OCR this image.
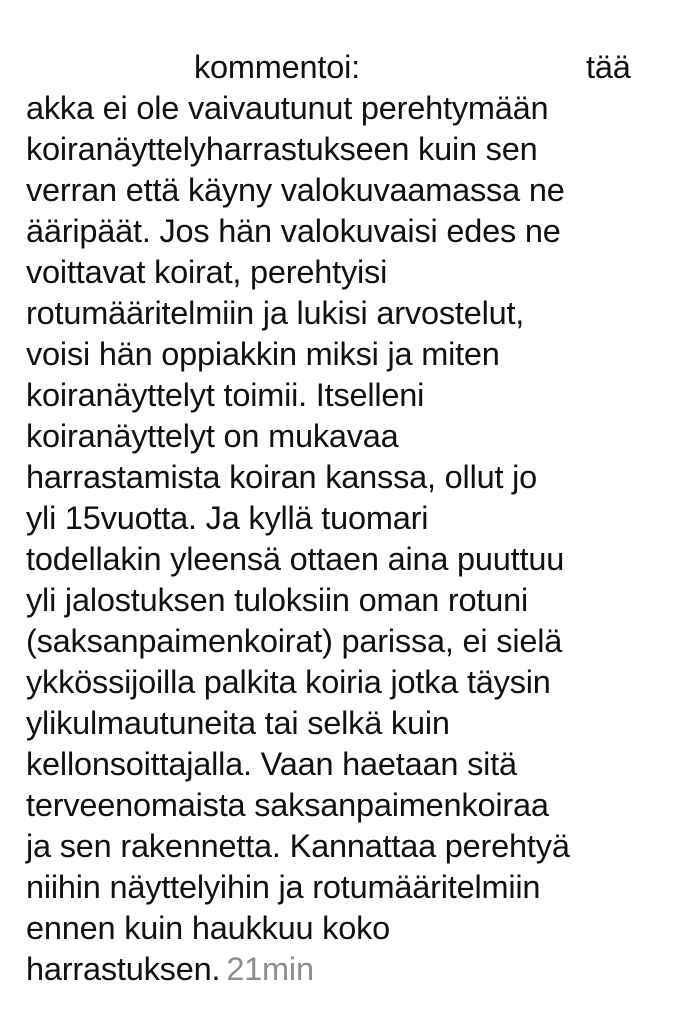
kommentoi:	tää
akka ei ole vaivautunut perehtymään
koiranäyttelyharrastukseen kuin sen
verran että käyny valokuvaamassa ne
ääripäät. Jos hän valokuvaisi edes ne
voittavat koirat, perehtyisi
rotumääritelmiin ja lukisi arvostelut,
voisi hän oppiakkin miksi ja miten
koiranäyttelyt toimii. Itselleni
koiranäyttelyt on mukavaa
harrastamista koiran kanssa, ollut jo
yli 15vuotta. Ja kyllä tuomari
todellakin yleensä ottaen aina puuttuu
yli jalostuksen tuloksiin oman rotuni
(saksanpaimenkoirat) parissa, ei sielä
ykkössijoilla palkita koiria jotka täysin
ylikulmautuneita tai selkä kuin
kellonsoittajalla. Vaan haetaan sitä
terveenomaista saksanpaimenkoiraa
ja sen rakennetta. Kannattaa perehtyä
niihin näyttelyihin ja rotumääritelmiin
ennen kuin haukkuu koko
harrastuksen. 21min
